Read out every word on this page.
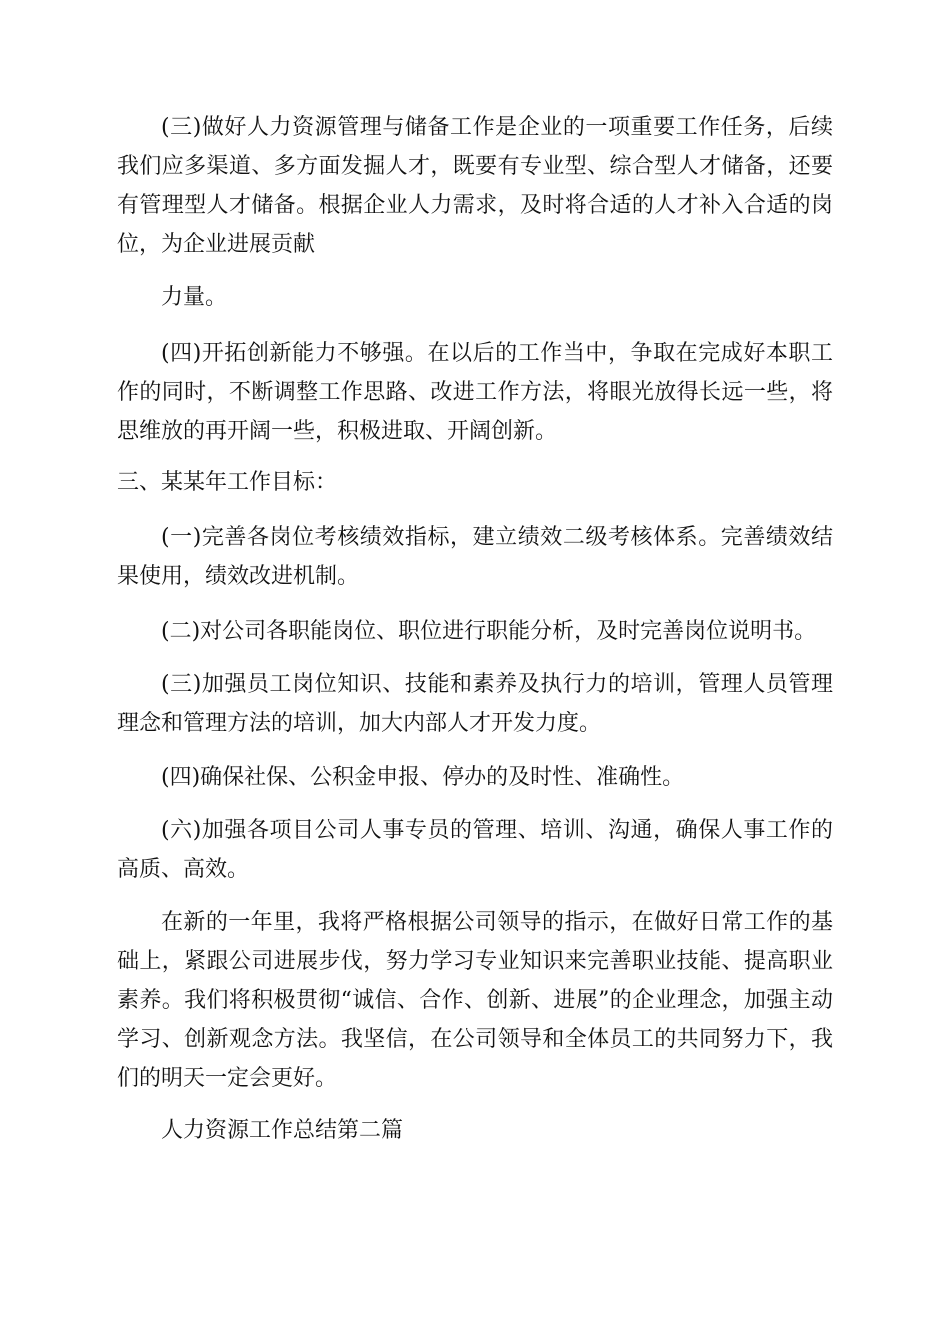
(三)做好人力资源管理与储备工作是企业的一项重要工作任务，后续我们应多渠道、多方面发掘人才，既要有专业型、综合型人才储备，还要有管理型人才储备。根据企业人力需求，及时将合适的人才补入合适的岗位，为企业进展贡献

力量。

(四)开拓创新能力不够强。在以后的工作当中，争取在完成好本职工作的同时，不断调整工作思路、改进工作方法，将眼光放得长远一些，将思维放的再开阔一些，积极进取、开阔创新。

三、某某年工作目标：

(一)完善各岗位考核绩效指标，建立绩效二级考核体系。完善绩效结果使用，绩效改进机制。

(二)对公司各职能岗位、职位进行职能分析，及时完善岗位说明书。

(三)加强员工岗位知识、技能和素养及执行力的培训，管理人员管理理念和管理方法的培训，加大内部人才开发力度。

(四)确保社保、公积金申报、停办的及时性、准确性。

(六)加强各项目公司人事专员的管理、培训、沟通，确保人事工作的高质、高效。

在新的一年里，我将严格根据公司领导的指示，在做好日常工作的基础上，紧跟公司进展步伐，努力学习专业知识来完善职业技能、提高职业素养。我们将积极贯彻“诚信、合作、创新、进展”的企业理念，加强主动学习、创新观念方法。我坚信，在公司领导和全体员工的共同努力下，我们的明天一定会更好。

人力资源工作总结第二篇
